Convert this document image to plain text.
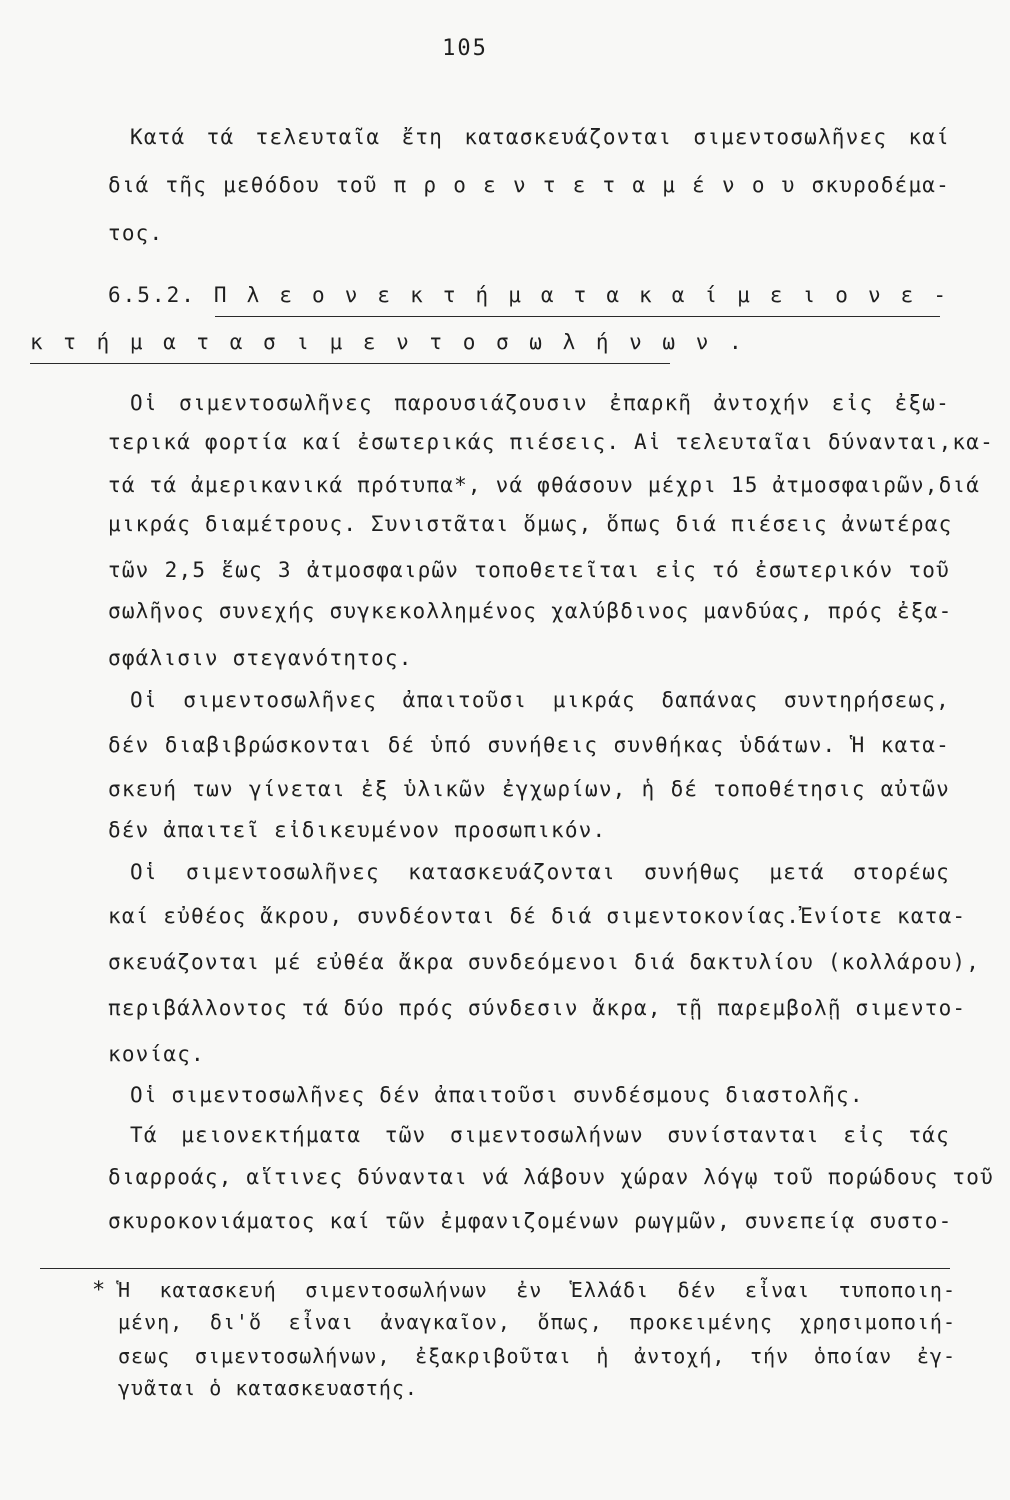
105
Κατά τά τελευταῖα ἔτη κατασκευάζονται σιμεντοσωλῆνες καί
διά τῆς μεθόδου τοῦ π ρ ο ε ν τ ε τ α μ έ ν ο υ σκυροδέμα-
τος.
6.5.2. Π λ ε ο ν ε κ τ ή μ α τ α κ α ί μ ε ι ο ν ε -
κ τ ή μ α τ α σ ι μ ε ν τ ο σ ω λ ή ν ω ν .
Οἱ σιμεντοσωλῆνες παρουσιάζουσιν ἐπαρκῆ ἀντοχήν εἰς ἐξω-
τερικά φορτία καί ἐσωτερικάς πιέσεις. Αἱ τελευταῖαι δύνανται,κα-
τά τά ἀμερικανικά πρότυπα*, νά φθάσουν μέχρι 15 ἀτμοσφαιρῶν,διά
μικράς διαμέτρους. Συνιστᾶται ὅμως, ὅπως διά πιέσεις ἀνωτέρας
τῶν 2,5 ἕως 3 ἀτμοσφαιρῶν τοποθετεῖται εἰς τό ἐσωτερικόν τοῦ
σωλῆνος συνεχής συγκεκολλημένος χαλύβδινος μανδύας, πρός ἐξα-
σφάλισιν στεγανότητος.
Οἱ σιμεντοσωλῆνες ἀπαιτοῦσι μικράς δαπάνας συντηρήσεως,
δέν διαβιβρώσκονται δέ ὑπό συνήθεις συνθήκας ὑδάτων. Ἡ κατα-
σκευή των γίνεται ἐξ ὑλικῶν ἐγχωρίων, ἡ δέ τοποθέτησις αὐτῶν
δέν ἀπαιτεῖ εἰδικευμένον προσωπικόν.
Οἱ σιμεντοσωλῆνες κατασκευάζονται συνήθως μετά στορέως
καί εὐθέος ἄκρου, συνδέονται δέ διά σιμεντοκονίας.Ἐνίοτε κατα-
σκευάζονται μέ εὐθέα ἄκρα συνδεόμενοι διά δακτυλίου (κολλάρου),
περιβάλλοντος τά δύο πρός σύνδεσιν ἄκρα, τῇ παρεμβολῇ σιμεντο-
κονίας.
Οἱ σιμεντοσωλῆνες δέν ἀπαιτοῦσι συνδέσμους διαστολῆς.
Τά μειονεκτήματα τῶν σιμεντοσωλήνων συνίστανται εἰς τάς
διαρροάς, αἵτινες δύνανται νά λάβουν χώραν λόγῳ τοῦ πορώδους τοῦ
σκυροκονιάματος καί τῶν ἐμφανιζομένων ρωγμῶν, συνεπείᾳ συστο-
* Ἡ κατασκευή σιμεντοσωλήνων ἐν Ἑλλάδι δέν εἶναι τυποποιη-
μένη, δι'ὅ εἶναι ἀναγκαῖον, ὅπως, προκειμένης χρησιμοποιή-
σεως σιμεντοσωλήνων, ἐξακριβοῦται ἡ ἀντοχή, τήν ὁποίαν ἐγ-
γυᾶται ὁ κατασκευαστής.
